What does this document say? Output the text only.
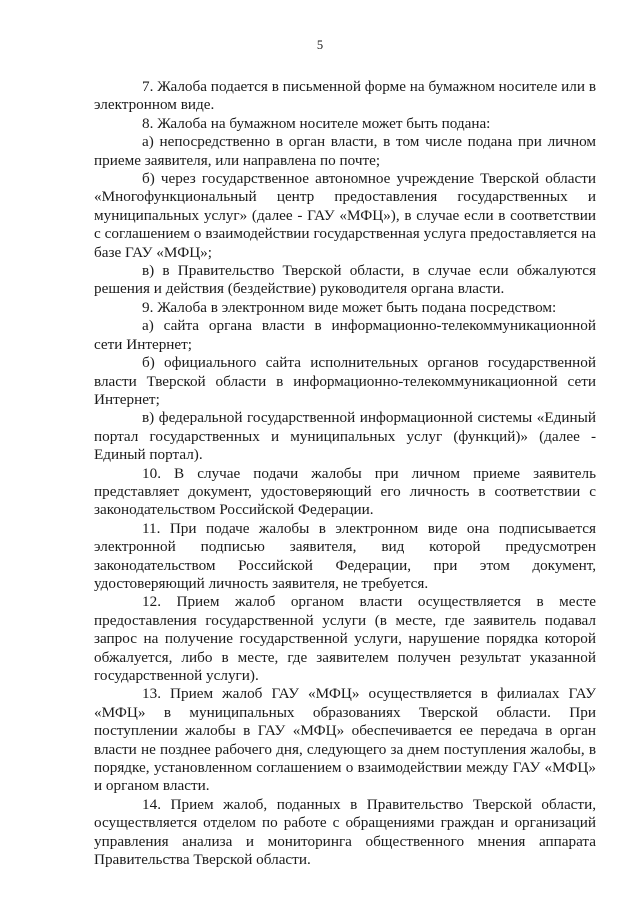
5

7. Жалоба подается в письменной форме на бумажном носителе или в электронном виде.

8. Жалоба на бумажном носителе может быть подана:

а) непосредственно в орган власти, в том числе подана при личном приеме заявителя, или направлена по почте;

б) через государственное автономное учреждение Тверской области «Многофункциональный центр предоставления государственных и муниципальных услуг» (далее - ГАУ «МФЦ»), в случае если в соответствии с соглашением о взаимодействии государственная услуга предоставляется на базе ГАУ «МФЦ»;

в) в Правительство Тверской области, в случае если обжалуются решения и действия (бездействие) руководителя органа власти.

9. Жалоба в электронном виде может быть подана посредством:

а) сайта органа власти в информационно-телекоммуникационной сети Интернет;

б) официального сайта исполнительных органов государственной власти Тверской области в информационно-телекоммуникационной сети Интернет;

в) федеральной государственной информационной системы «Единый портал государственных и муниципальных услуг (функций)» (далее - Единый портал).

10. В случае подачи жалобы при личном приеме заявитель представляет документ, удостоверяющий его личность в соответствии с законодательством Российской Федерации.

11. При подаче жалобы в электронном виде она подписывается электронной подписью заявителя, вид которой предусмотрен законодательством Российской Федерации, при этом документ, удостоверяющий личность заявителя, не требуется.

12. Прием жалоб органом власти осуществляется в месте предоставления государственной услуги (в месте, где заявитель подавал запрос на получение государственной услуги, нарушение порядка которой обжалуется, либо в месте, где заявителем получен результат указанной государственной услуги).

13. Прием жалоб ГАУ «МФЦ» осуществляется в филиалах ГАУ «МФЦ» в муниципальных образованиях Тверской области. При поступлении жалобы в ГАУ «МФЦ» обеспечивается ее передача в орган власти не позднее рабочего дня, следующего за днем поступления жалобы, в порядке, установленном соглашением о взаимодействии между ГАУ «МФЦ» и органом власти.

14. Прием жалоб, поданных в Правительство Тверской области, осуществляется отделом по работе с обращениями граждан и организаций управления анализа и мониторинга общественного мнения аппарата Правительства Тверской области.
